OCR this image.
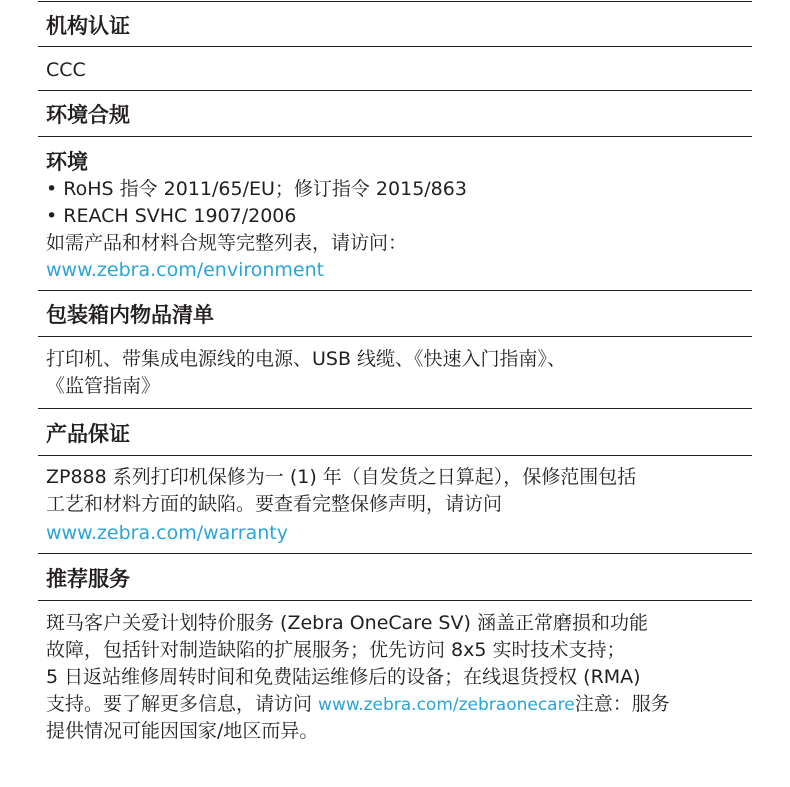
机构认证
CCC
环境合规
环境
• RoHS 指令 2011/65/EU；修订指令 2015/863
• REACH SVHC 1907/2006
如需产品和材料合规等完整列表，请访问：
www.zebra.com/environment
包装箱内物品清单
打印机、带集成电源线的电源、USB 线缆、《快速入门指南》、
《监管指南》
产品保证
ZP888 系列打印机保修为一 (1) 年（自发货之日算起），保修范围包括
工艺和材料方面的缺陷。要查看完整保修声明，请访问
www.zebra.com/warranty
推荐服务
斑马客户关爱计划特价服务 (Zebra OneCare SV) 涵盖正常磨损和功能
故障，包括针对制造缺陷的扩展服务；优先访问 8x5 实时技术支持；
5 日返站维修周转时间和免费陆运维修后的设备；在线退货授权 (RMA)
支持。要了解更多信息，请访问 www.zebra.com/zebraonecare注意：服务
提供情况可能因国家/地区而异。
